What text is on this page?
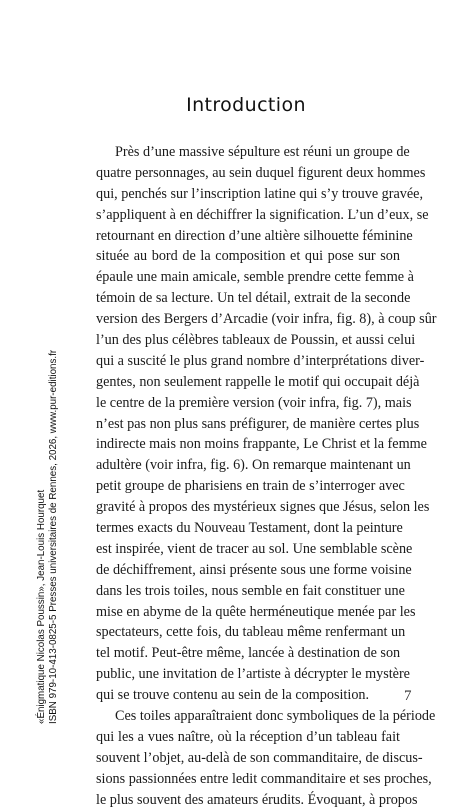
Introduction
Près d’une massive sépulture est réuni un groupe de
quatre personnages, au sein duquel figurent deux hommes
qui, penchés sur l’inscription latine qui s’y trouve gravée,
s’appliquent à en déchiffrer la signification. L’un d’eux, se
retournant en direction d’une altière silhouette féminine
située au bord de la composition et qui pose sur son
épaule une main amicale, semble prendre cette femme à
témoin de sa lecture. Un tel détail, extrait de la seconde
version des Bergers d’Arcadie (voir infra, fig. 8), à coup sûr
l’un des plus célèbres tableaux de Poussin, et aussi celui
qui a suscité le plus grand nombre d’interprétations diver-
gentes, non seulement rappelle le motif qui occupait déjà
le centre de la première version (voir infra, fig. 7), mais
n’est pas non plus sans préfigurer, de manière certes plus
indirecte mais non moins frappante, Le Christ et la femme
adultère (voir infra, fig. 6). On remarque maintenant un
petit groupe de pharisiens en train de s’interroger avec
gravité à propos des mystérieux signes que Jésus, selon les
termes exacts du Nouveau Testament, dont la peinture
est inspirée, vient de tracer au sol. Une semblable scène
de déchiffrement, ainsi présente sous une forme voisine
dans les trois toiles, nous semble en fait constituer une
mise en abyme de la quête herméneutique menée par les
spectateurs, cette fois, du tableau même renfermant un
tel motif. Peut-être même, lancée à destination de son
public, une invitation de l’artiste à décrypter le mystère
qui se trouve contenu au sein de la composition.
Ces toiles apparaîtraient donc symboliques de la période
qui les a vues naître, où la réception d’un tableau fait
souvent l’objet, au-delà de son commanditaire, de discus-
sions passionnées entre ledit commanditaire et ses proches,
le plus souvent des amateurs érudits. Évoquant, à propos
7
«Énigmatique Nicolas Poussin», Jean-Louis Hourquet ISBN 979-10-413-0825-5 Presses universitaires de Rennes, 2026, www.pur-editions.fr
